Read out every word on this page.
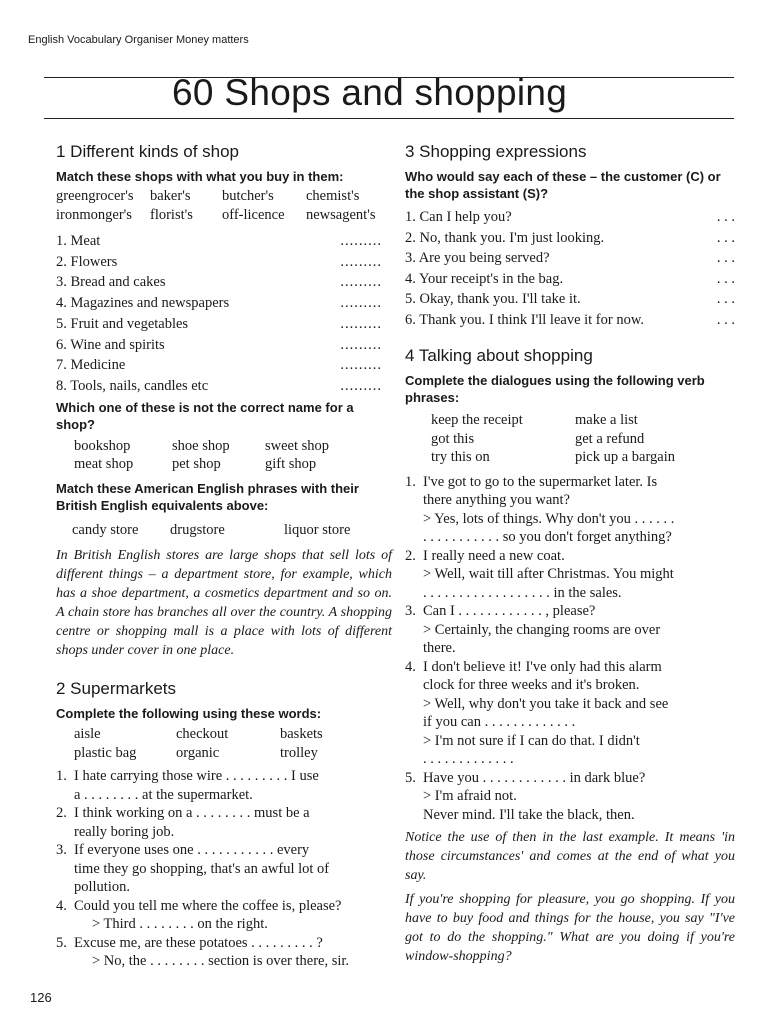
English Vocabulary Organiser Money matters
60 Shops and shopping
1 Different kinds of shop
Match these shops with what you buy in them:
greengrocer's	baker's	butcher's	chemist's
ironmonger's	florist's	off-licence	newsagent's
1. Meat	.........
2. Flowers	.........
3. Bread and cakes	.........
4. Magazines and newspapers	.........
5. Fruit and vegetables	.........
6. Wine and spirits	.........
7. Medicine	.........
8. Tools, nails, candles etc	.........
Which one of these is not the correct name for a shop?
bookshop	shoe shop	sweet shop
meat shop	pet shop	gift shop
Match these American English phrases with their British English equivalents above:
candy store	drugstore	liquor store

In British English stores are large shops that sell lots of different things – a department store, for example, which has a shoe department, a cosmetics department and so on. A chain store has branches all over the country. A shopping centre or shopping mall is a place with lots of different shops under cover in one place.

2 Supermarkets
Complete the following using these words:
aisle	checkout	baskets
plastic bag	organic	trolley
1. I hate carrying those wire . . . . . . . . . I use
a . . . . . . . . at the supermarket.
2. I think working on a . . . . . . . . must be a
really boring job.
3. If everyone uses one . . . . . . . . . . . every
time they go shopping, that's an awful lot of
pollution.
4. Could you tell me where the coffee is, please?
> Third . . . . . . . . on the right.
5. Excuse me, are these potatoes . . . . . . . . . ?
> No, the . . . . . . . . section is over there, sir.
3 Shopping expressions
Who would say each of these – the customer (C) or the shop assistant (S)?
1. Can I help you?	. . .
2. No, thank you. I'm just looking.	. . .
3. Are you being served?	. . .
4. Your receipt's in the bag.	. . .
5. Okay, thank you. I'll take it.	. . .
6. Thank you. I think I'll leave it for now.	. . .
4 Talking about shopping
Complete the dialogues using the following verb phrases:
keep the receipt	make a list
got this	get a refund
try this on	pick up a bargain
1. I've got to go to the supermarket later. Is
there anything you want?
> Yes, lots of things. Why don't you . . . . . .
. . . . . . . . . . . so you don't forget anything?
2. I really need a new coat.
> Well, wait till after Christmas. You might
. . . . . . . . . . . . . . . . . . in the sales.
3. Can I . . . . . . . . . . . . , please?
> Certainly, the changing rooms are over
there.
4. I don't believe it! I've only had this alarm
clock for three weeks and it's broken.
> Well, why don't you take it back and see
if you can . . . . . . . . . . . . .
> I'm not sure if I can do that. I didn't
. . . . . . . . . . . . .
5. Have you . . . . . . . . . . . . in dark blue?
> I'm afraid not.
Never mind. I'll take the black, then.

Notice the use of then in the last example. It means 'in those circumstances' and comes at the end of what you say.

If you're shopping for pleasure, you go shopping. If you have to buy food and things for the house, you say "I've got to do the shopping." What are you doing if you're window-shopping?

126
